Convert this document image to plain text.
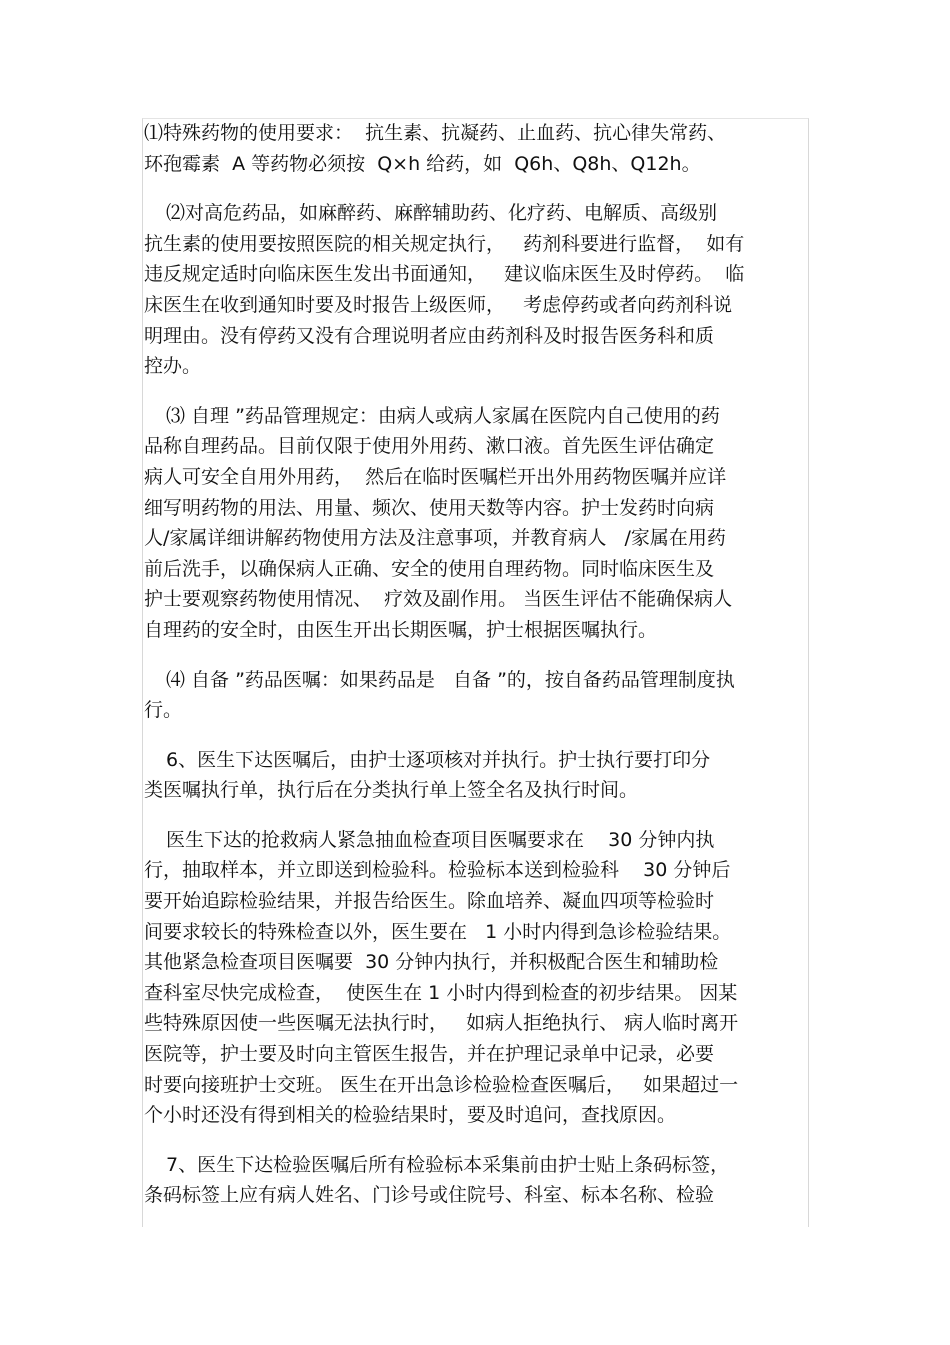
⑴特殊药物的使用要求：  抗生素、抗凝药、止血药、抗心律失常药、
环孢霉素  A 等药物必须按  Q×h 给药，如  Q6h、Q8h、Q12h。
⑵对高危药品，如麻醉药、麻醉辅助药、化疗药、电解质、高级别
抗生素的使用要按照医院的相关规定执行，   药剂科要进行监督，  如有
违反规定适时向临床医生发出书面通知，   建议临床医生及时停药。  临
床医生在收到通知时要及时报告上级医师，   考虑停药或者向药剂科说
明理由。没有停药又没有合理说明者应由药剂科及时报告医务科和质
控办。
⑶ 自理 ”药品管理规定：由病人或病人家属在医院内自己使用的药
品称自理药品。目前仅限于使用外用药、漱口液。首先医生评估确定
病人可安全自用外用药，  然后在临时医嘱栏开出外用药物医嘱并应详
细写明药物的用法、用量、频次、使用天数等内容。护士发药时向病
人/家属详细讲解药物使用方法及注意事项，并教育病人   /家属在用药
前后洗手，以确保病人正确、安全的使用自理药物。同时临床医生及
护士要观察药物使用情况、  疗效及副作用。 当医生评估不能确保病人
自理药的安全时，由医生开出长期医嘱，护士根据医嘱执行。
⑷ 自备 ”药品医嘱：如果药品是   自备 ”的，按自备药品管理制度执
行。
6、医生下达医嘱后，由护士逐项核对并执行。护士执行要打印分
类医嘱执行单，执行后在分类执行单上签全名及执行时间。
医生下达的抢救病人紧急抽血检查项目医嘱要求在    30 分钟内执
行，抽取样本，并立即送到检验科。检验标本送到检验科    30 分钟后
要开始追踪检验结果，并报告给医生。除血培养、凝血四项等检验时
间要求较长的特殊检查以外，医生要在   1 小时内得到急诊检验结果。
其他紧急检查项目医嘱要  30 分钟内执行，并积极配合医生和辅助检
查科室尽快完成检查，  使医生在 1 小时内得到检查的初步结果。 因某
些特殊原因使一些医嘱无法执行时，   如病人拒绝执行、 病人临时离开
医院等，护士要及时向主管医生报告，并在护理记录单中记录，必要
时要向接班护士交班。 医生在开出急诊检验检查医嘱后，   如果超过一
个小时还没有得到相关的检验结果时，要及时追问，查找原因。
7、医生下达检验医嘱后所有检验标本采集前由护士贴上条码标签，
条码标签上应有病人姓名、门诊号或住院号、科室、标本名称、检验
